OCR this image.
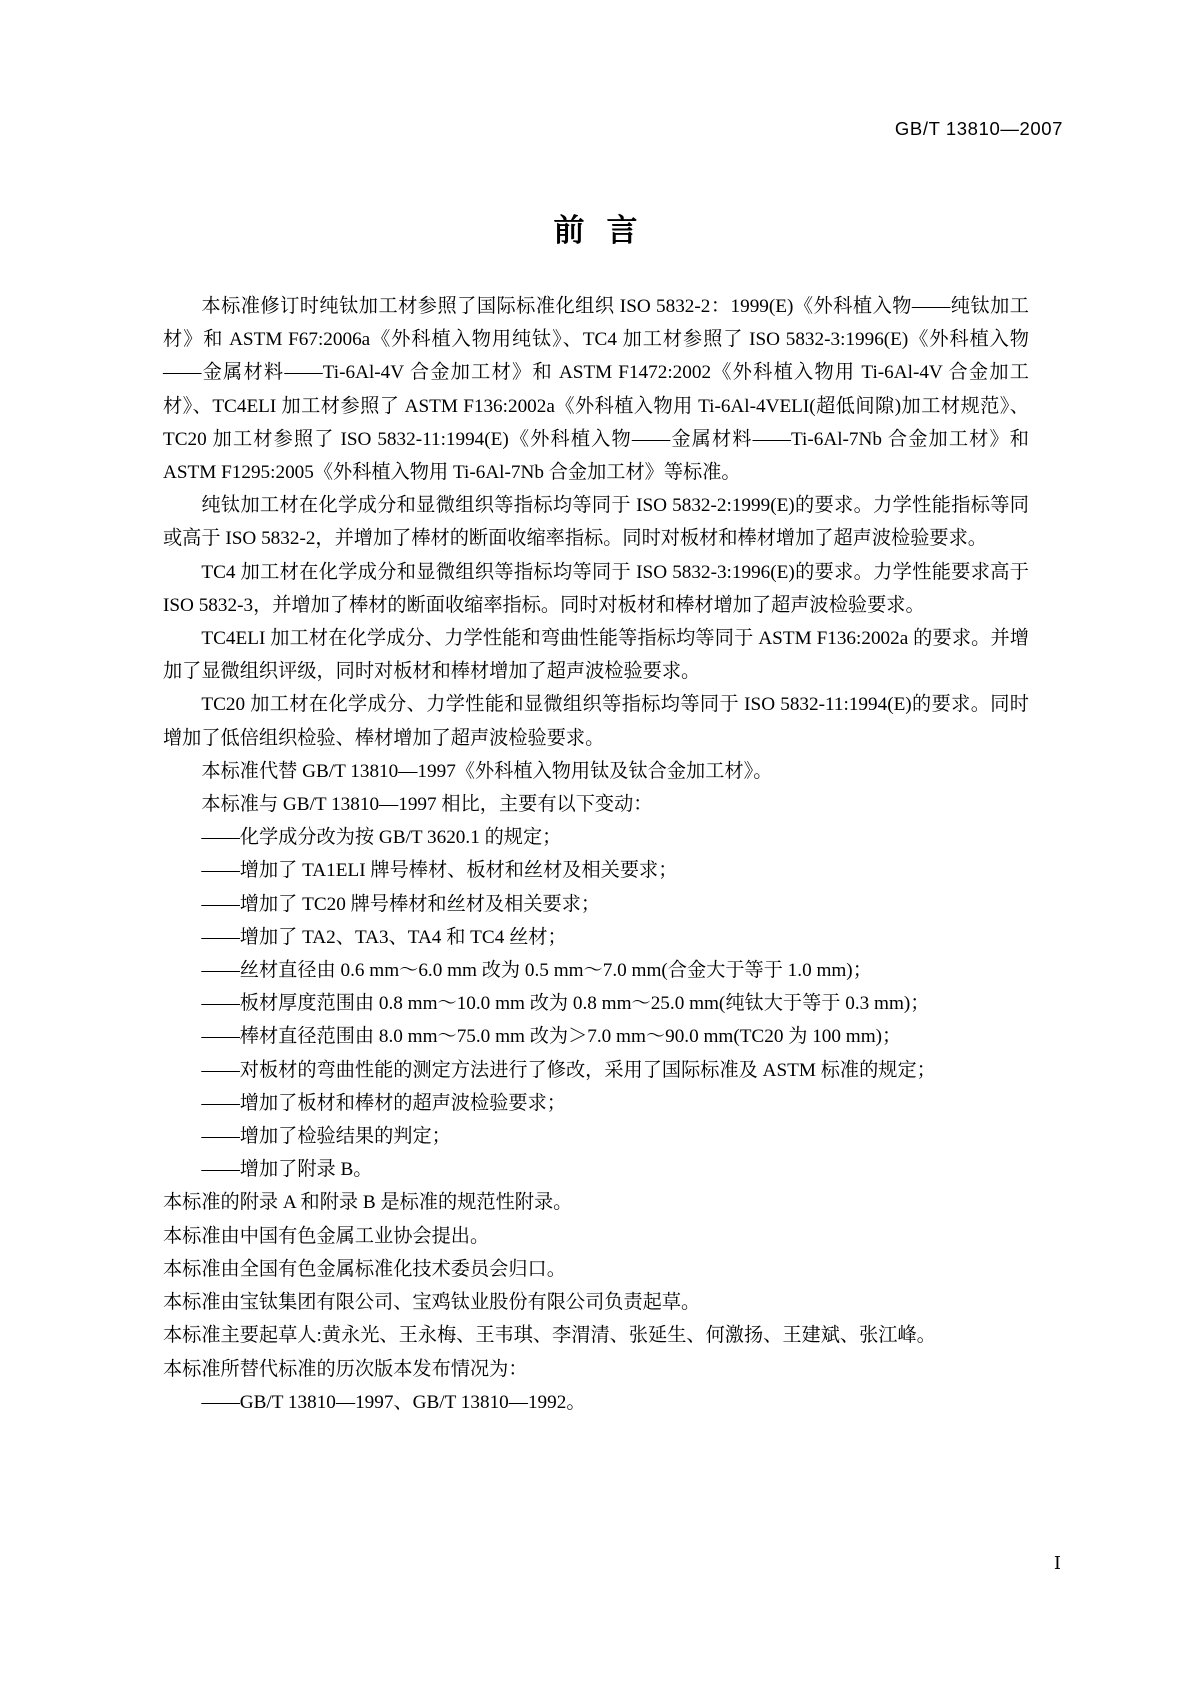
GB/T 13810—2007
前言

本标准修订时纯钛加工材参照了国际标准化组织 ISO 5832-2：1999(E)《外科植入物——纯钛加工材》和 ASTM F67:2006a《外科植入物用纯钛》、TC4 加工材参照了 ISO 5832-3:1996(E)《外科植入物——金属材料——Ti-6Al-4V 合金加工材》和 ASTM F1472:2002《外科植入物用 Ti-6Al-4V 合金加工材》、TC4ELI 加工材参照了 ASTM F136:2002a《外科植入物用 Ti-6Al-4VELI(超低间隙)加工材规范》、TC20 加工材参照了 ISO 5832-11:1994(E)《外科植入物——金属材料——Ti-6Al-7Nb 合金加工材》和 ASTM F1295:2005《外科植入物用 Ti-6Al-7Nb 合金加工材》等标准。

纯钛加工材在化学成分和显微组织等指标均等同于 ISO 5832-2:1999(E)的要求。力学性能指标等同或高于 ISO 5832-2，并增加了棒材的断面收缩率指标。同时对板材和棒材增加了超声波检验要求。

TC4 加工材在化学成分和显微组织等指标均等同于 ISO 5832-3:1996(E)的要求。力学性能要求高于 ISO 5832-3，并增加了棒材的断面收缩率指标。同时对板材和棒材增加了超声波检验要求。

TC4ELI 加工材在化学成分、力学性能和弯曲性能等指标均等同于 ASTM F136:2002a 的要求。并增加了显微组织评级，同时对板材和棒材增加了超声波检验要求。

TC20 加工材在化学成分、力学性能和显微组织等指标均等同于 ISO 5832-11:1994(E)的要求。同时增加了低倍组织检验、棒材增加了超声波检验要求。

本标准代替 GB/T 13810—1997《外科植入物用钛及钛合金加工材》。

本标准与 GB/T 13810—1997 相比，主要有以下变动：

——化学成分改为按 GB/T 3620.1 的规定；

——增加了 TA1ELI 牌号棒材、板材和丝材及相关要求；

——增加了 TC20 牌号棒材和丝材及相关要求；

——增加了 TA2、TA3、TA4 和 TC4 丝材；

——丝材直径由 0.6 mm～6.0 mm 改为 0.5 mm～7.0 mm(合金大于等于 1.0 mm)；

——板材厚度范围由 0.8 mm～10.0 mm 改为 0.8 mm～25.0 mm(纯钛大于等于 0.3 mm)；

——棒材直径范围由 8.0 mm～75.0 mm 改为＞7.0 mm～90.0 mm(TC20 为 100 mm)；

——对板材的弯曲性能的测定方法进行了修改，采用了国际标准及 ASTM 标准的规定；

——增加了板材和棒材的超声波检验要求；

——增加了检验结果的判定；

——增加了附录 B。

本标准的附录 A 和附录 B 是标准的规范性附录。

本标准由中国有色金属工业协会提出。

本标准由全国有色金属标准化技术委员会归口。

本标准由宝钛集团有限公司、宝鸡钛业股份有限公司负责起草。

本标准主要起草人:黄永光、王永梅、王韦琪、李渭清、张延生、何激扬、王建斌、张江峰。

本标准所替代标准的历次版本发布情况为：

——GB/T 13810—1997、GB/T 13810—1992。

Ⅰ
